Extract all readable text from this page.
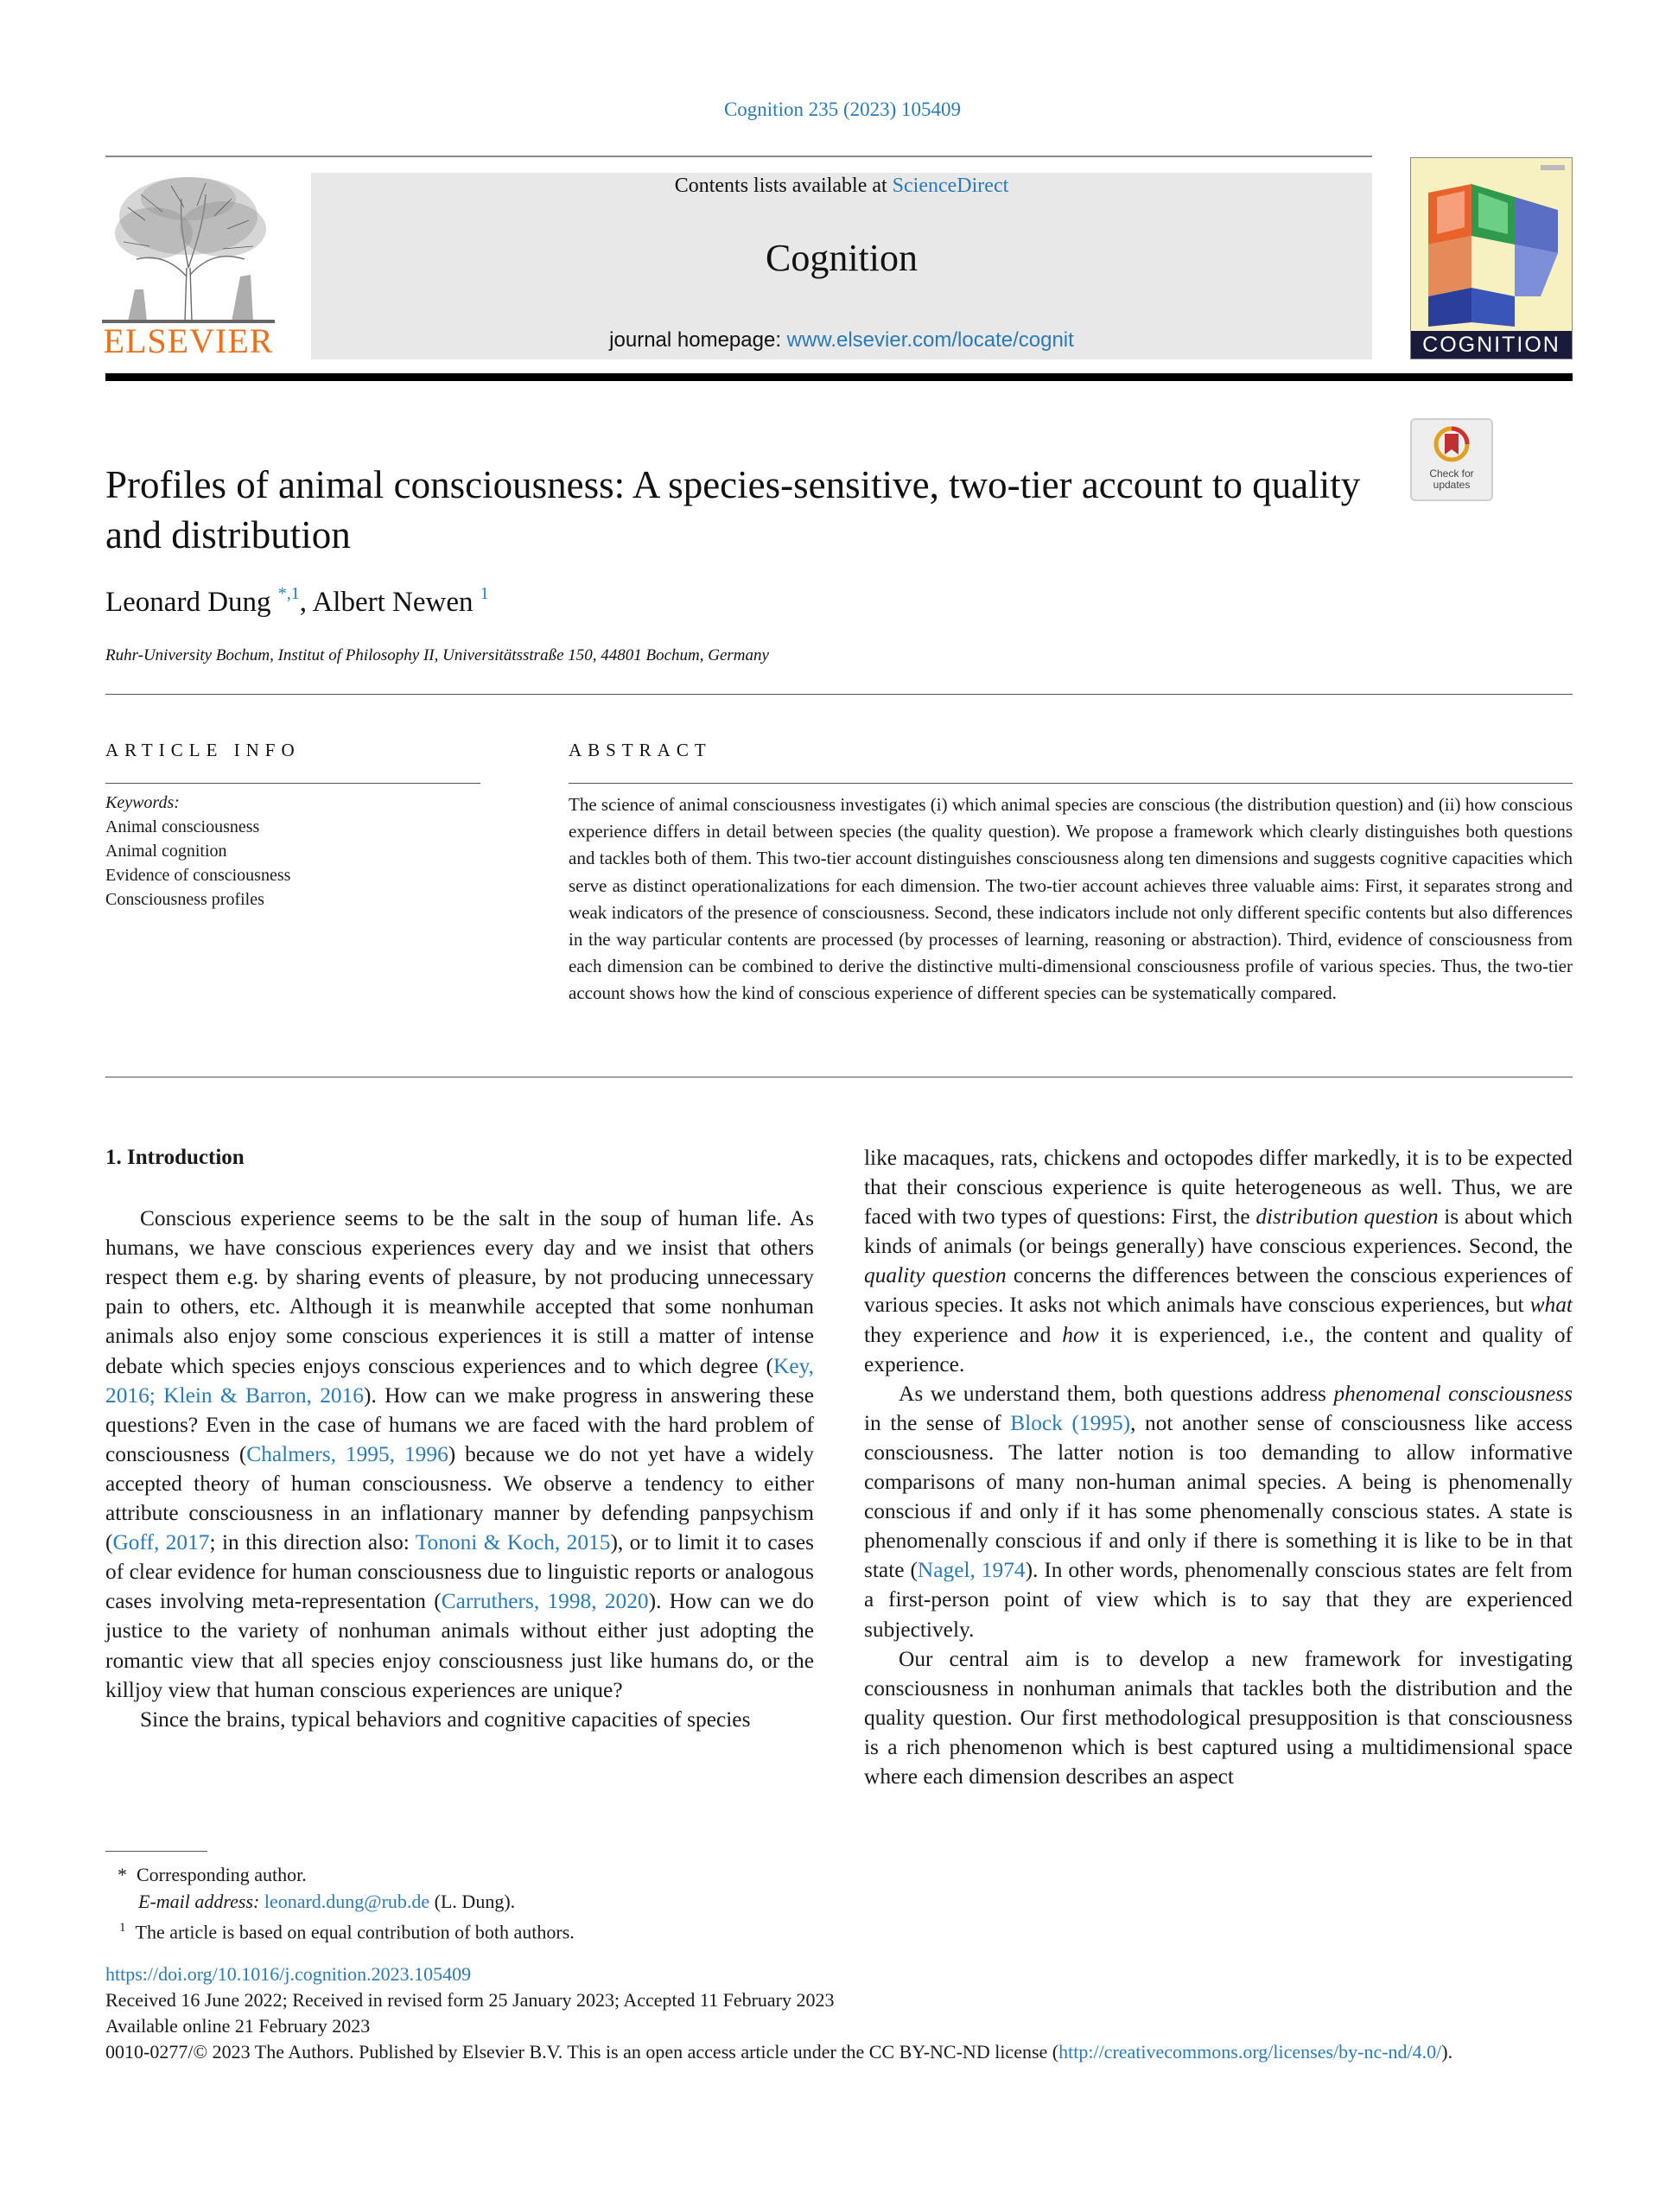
Cognition 235 (2023) 105409
ELSEVIER
Contents lists available at ScienceDirect
Cognition
journal homepage: www.elsevier.com/locate/cognit	COGNITION
Check for updates
Profiles of animal consciousness: A species-sensitive, two-tier account to quality and distribution
Leonard Dung $^{*,1}$, Albert Newen $^1$
Ruhr-University Bochum, Institut of Philosophy II, Universitätsstraße 150, 44801 Bochum, Germany
ARTICLE INFO
Keywords:
Animal consciousness
Animal cognition
Evidence of consciousness
Consciousness profiles
ABSTRACT
The science of animal consciousness investigates (i) which animal species are conscious (the distribution question) and (ii) how conscious experience differs in detail between species (the quality question). We propose a framework which clearly distinguishes both questions and tackles both of them. This two-tier account distinguishes consciousness along ten dimensions and suggests cognitive capacities which serve as distinct operationalizations for each dimension. The two-tier account achieves three valuable aims: First, it separates strong and weak indicators of the presence of consciousness. Second, these indicators include not only different specific contents but also differences in the way particular contents are processed (by processes of learning, reasoning or abstraction). Third, evidence of consciousness from each dimension can be combined to derive the distinctive multi-dimensional consciousness profile of various species. Thus, the two-tier account shows how the kind of conscious experience of different species can be systematically compared.
1. Introduction

Conscious experience seems to be the salt in the soup of human life. As humans, we have conscious experiences every day and we insist that others respect them e.g. by sharing events of pleasure, by not producing unnecessary pain to others, etc. Although it is meanwhile accepted that some nonhuman animals also enjoy some conscious experiences it is still a matter of intense debate which species enjoys conscious experiences and to which degree (Key, 2016; Klein & Barron, 2016). How can we make progress in answering these questions? Even in the case of humans we are faced with the hard problem of consciousness (Chalmers, 1995, 1996) because we do not yet have a widely accepted theory of human consciousness. We observe a tendency to either attribute consciousness in an inflationary manner by defending panpsychism (Goff, 2017; in this direction also: Tononi & Koch, 2015), or to limit it to cases of clear evidence for human consciousness due to linguistic reports or analogous cases involving meta-representation (Carruthers, 1998, 2020). How can we do justice to the variety of nonhuman animals without either just adopting the romantic view that all species enjoy consciousness just like humans do, or the killjoy view that human conscious experiences are unique?

Since the brains, typical behaviors and cognitive capacities of species

like macaques, rats, chickens and octopodes differ markedly, it is to be expected that their conscious experience is quite heterogeneous as well. Thus, we are faced with two types of questions: First, the distribution question is about which kinds of animals (or beings generally) have conscious experiences. Second, the quality question concerns the differences between the conscious experiences of various species. It asks not which animals have conscious experiences, but what they experience and how it is experienced, i.e., the content and quality of experience.

As we understand them, both questions address phenomenal consciousness in the sense of Block (1995), not another sense of consciousness like access consciousness. The latter notion is too demanding to allow informative comparisons of many non-human animal species. A being is phenomenally conscious if and only if it has some phenomenally conscious states. A state is phenomenally conscious if and only if there is something it is like to be in that state (Nagel, 1974). In other words, phenomenally conscious states are felt from a first-person point of view which is to say that they are experienced subjectively.

Our central aim is to develop a new framework for investigating consciousness in nonhuman animals that tackles both the distribution and the quality question. Our first methodological presupposition is that consciousness is a rich phenomenon which is best captured using a multidimensional space where each dimension describes an aspect

* Corresponding author.
E-mail address: leonard.dung@rub.de (L. Dung).
$^1$ The article is based on equal contribution of both authors.
https://doi.org/10.1016/j.cognition.2023.105409
Received 16 June 2022; Received in revised form 25 January 2023; Accepted 11 February 2023
Available online 21 February 2023
0010-0277/© 2023 The Authors. Published by Elsevier B.V. This is an open access article under the CC BY-NC-ND license (http://creativecommons.org/licenses/by-nc-nd/4.0/).
